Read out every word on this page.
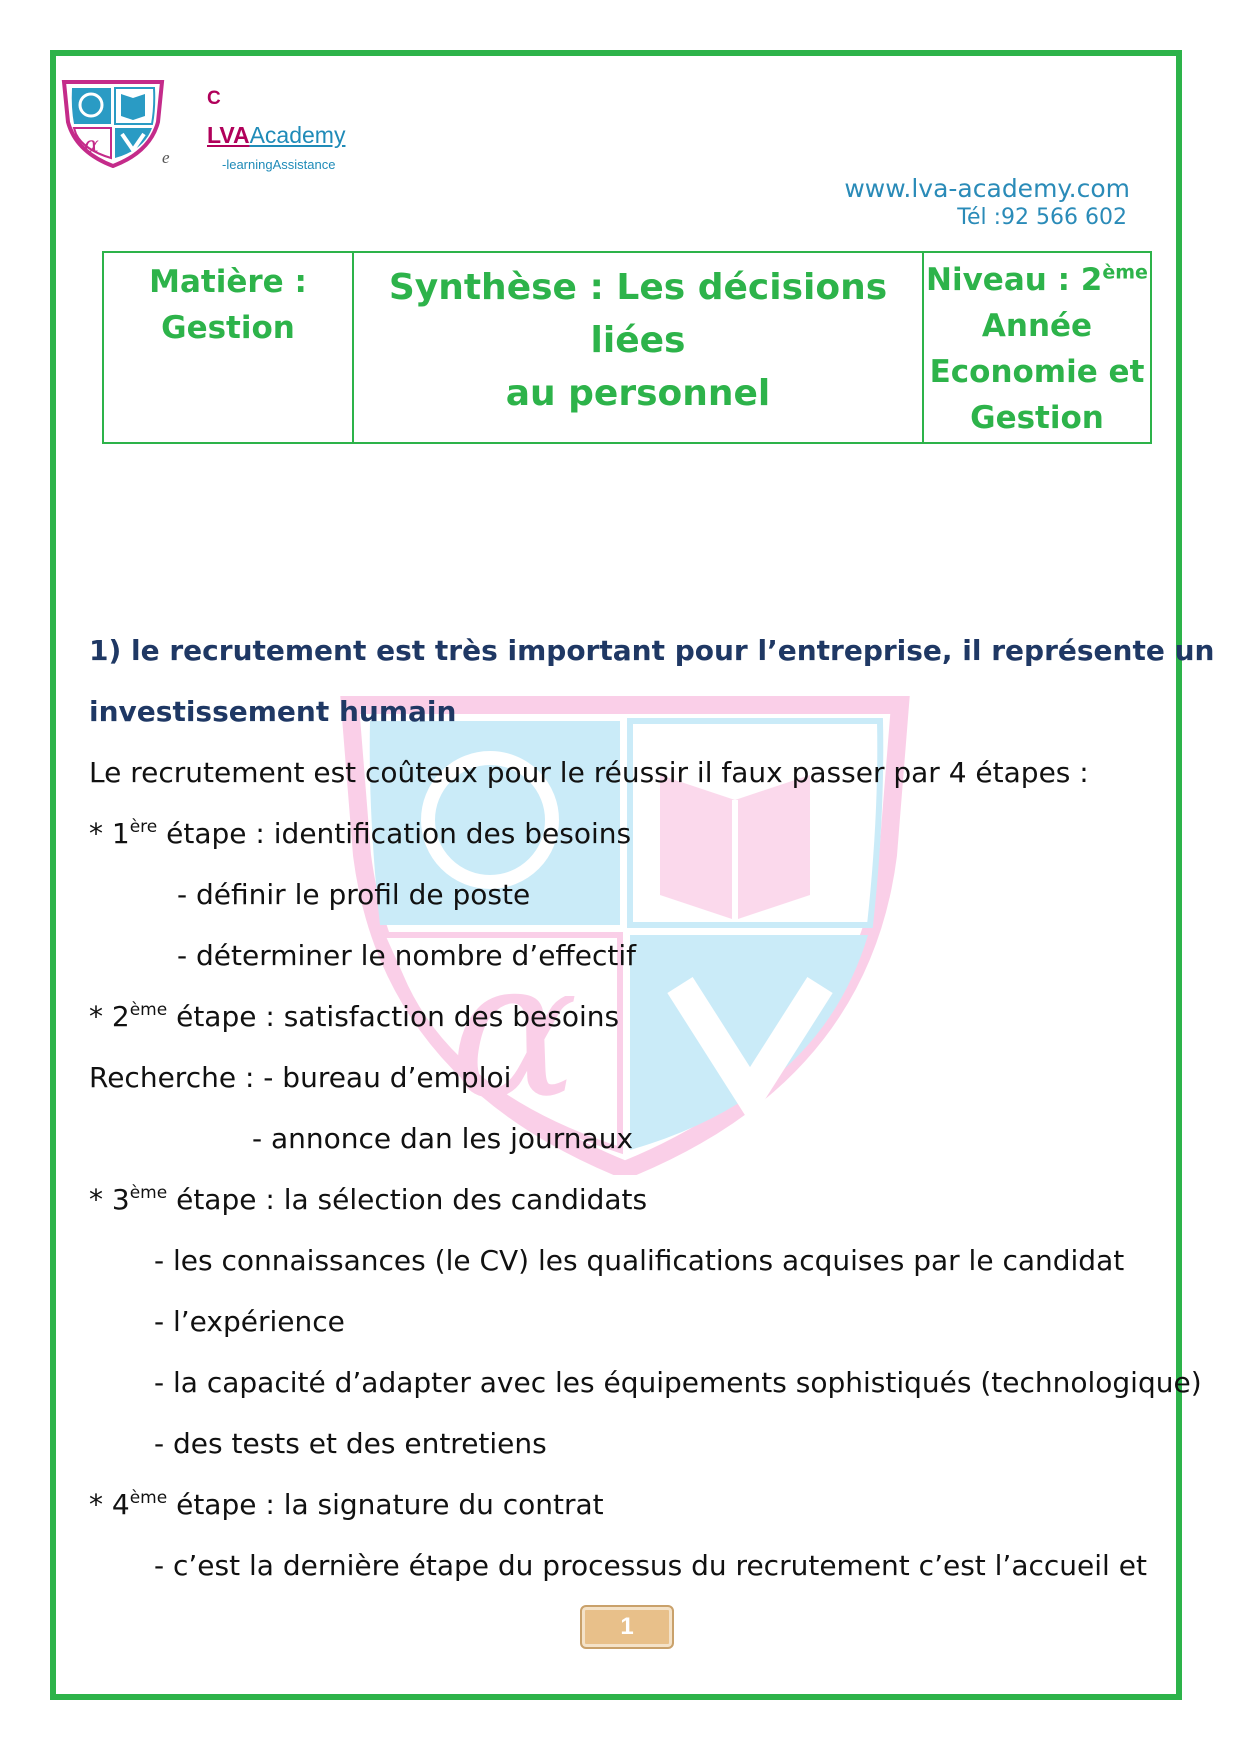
α
C
LVAAcademy
e	-learningAssistance
www.lva-academy.com
Tél :92 566 602
Matière :
Gestion

Synthèse : Les décisions liées
au personnel

Niveau : 2ème
Année
Economie et
Gestion
α
1) le recrutement est très important pour l’entreprise, il représente un
investissement humain
Le recrutement est coûteux pour le réussir il faux passer par 4 étapes :
* 1ère étape : identification des besoins
- définir le profil de poste
- déterminer le nombre d’effectif
* 2ème étape : satisfaction des besoins
Recherche : - bureau d’emploi
- annonce dan les journaux
* 3ème étape : la sélection des candidats
- les connaissances (le CV) les qualifications acquises par le candidat
- l’expérience
- la capacité d’adapter avec les équipements sophistiqués (technologique)
- des tests et des entretiens
* 4ème étape : la signature du contrat
- c’est la dernière étape du processus du recrutement c’est l’accueil et
1
